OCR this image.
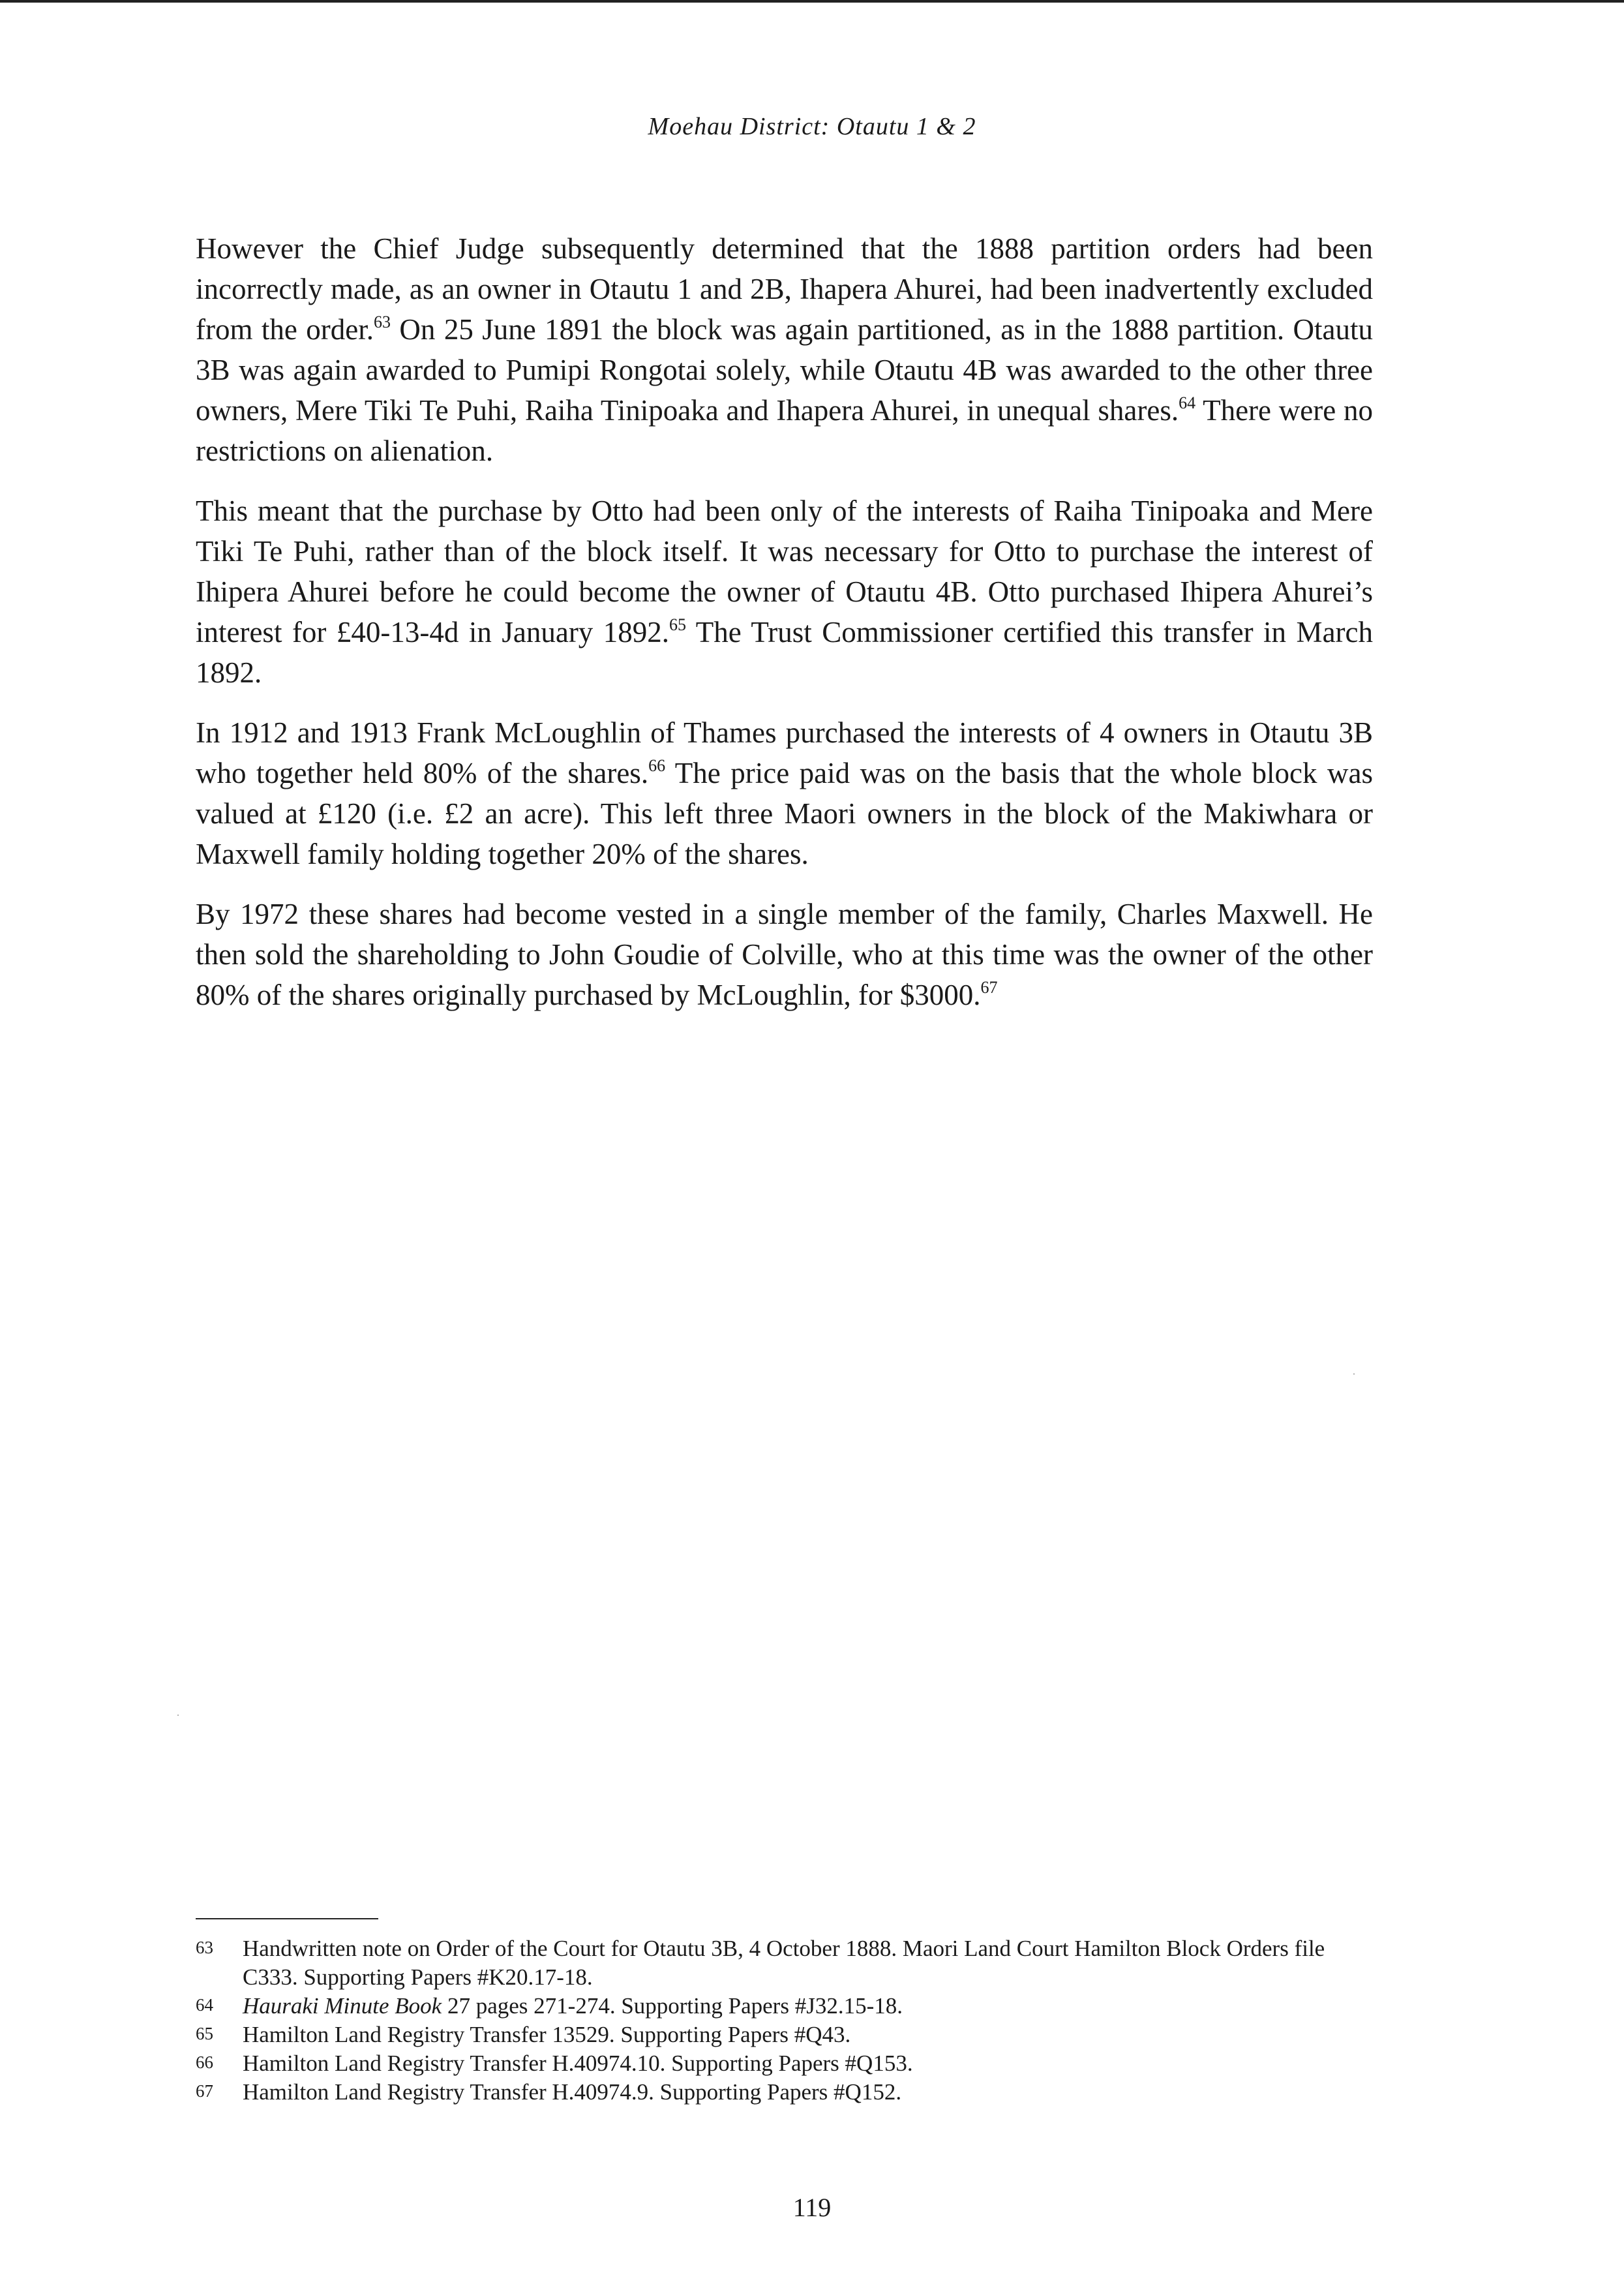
Moehau District: Otautu 1 & 2

However the Chief Judge subsequently determined that the 1888 partition orders had been incorrectly made, as an owner in Otautu 1 and 2B, Ihapera Ahurei, had been inadvertently excluded from the order.$^{63}$ On 25 June 1891 the block was again partitioned, as in the 1888 partition. Otautu 3B was again awarded to Pumipi Rongotai solely, while Otautu 4B was awarded to the other three owners, Mere Tiki Te Puhi, Raiha Tinipoaka and Ihapera Ahurei, in unequal shares.$^{64}$ There were no restrictions on alienation.

This meant that the purchase by Otto had been only of the interests of Raiha Tinipoaka and Mere Tiki Te Puhi, rather than of the block itself. It was necessary for Otto to purchase the interest of Ihipera Ahurei before he could become the owner of Otautu 4B. Otto purchased Ihipera Ahurei’s interest for £40-13-4d in January 1892.65 The Trust Commissioner certified this transfer in March 1892.

In 1912 and 1913 Frank McLoughlin of Thames purchased the interests of 4 owners in Otautu 3B who together held 80% of the shares.$^{66}$ The price paid was on the basis that the whole block was valued at £120 (i.e. £2 an acre). This left three Maori owners in the block of the Makiwhara or Maxwell family holding together 20% of the shares.

By 1972 these shares had become vested in a single member of the family, Charles Maxwell. He then sold the shareholding to John Goudie of Colville, who at this time was the owner of the other 80% of the shares originally purchased by McLoughlin, for $3000.67

63	Handwritten note on Order of the Court for Otautu 3B, 4 October 1888. Maori Land Court Hamilton Block Orders file C333. Supporting Papers #K20.17-18.
64	Hauraki Minute Book 27 pages 271-274. Supporting Papers #J32.15-18.
65	Hamilton Land Registry Transfer 13529. Supporting Papers #Q43.
66	Hamilton Land Registry Transfer H.40974.10. Supporting Papers #Q153.
67	Hamilton Land Registry Transfer H.40974.9. Supporting Papers #Q152.
119
